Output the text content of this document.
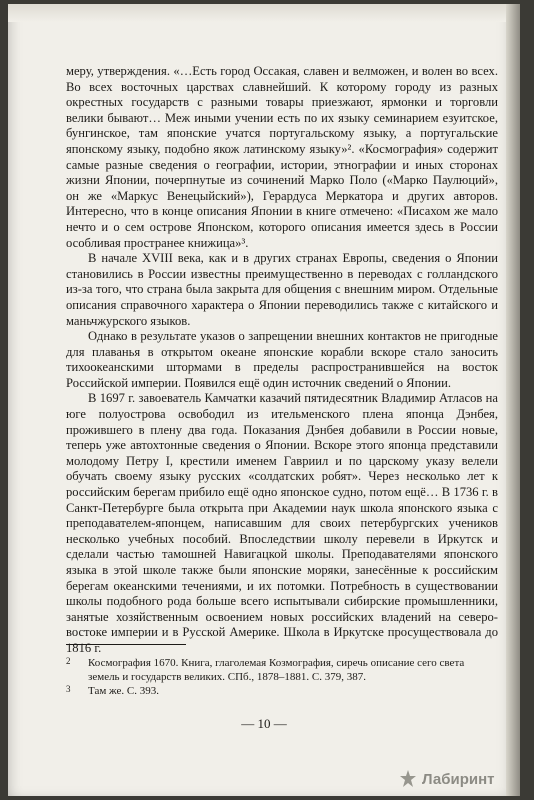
меру, утверждения. «…Есть город Оссакая, славен и велможен, и волен во всех. Во всех восточных царствах славнейший. К которому городу из разных окрестных государств с разными товары приезжают, ярмонки и торговли велики бывают… Меж иными учении есть по их языку семинарием езуитское, бунгинское, там японские учатся португальскому языку, а португальские японскому языку, подобно якож латинскому языку»². «Космография» содержит самые разные сведения о географии, истории, этнографии и иных сторонах жизни Японии, почерпнутые из сочинений Марко Поло («Марко Паулюций», он же «Маркус Венецыйский»), Герардуса Меркатора и других авторов. Интересно, что в конце описания Японии в книге отмечено: «Писахом же мало нечто и о сем острове Японском, которого описания имеется здесь в России особливая пространее книжица»³.

В начале XVIII века, как и в других странах Европы, сведения о Японии становились в России известны преимущественно в переводах с голландского из-за того, что страна была закрыта для общения с внешним миром. Отдельные описания справочного характера о Японии переводились также с китайского и маньчжурского языков.

Однако в результате указов о запрещении внешних контактов не пригодные для плаванья в открытом океане японские корабли вскоре стало заносить тихоокеанскими штормами в пределы распространившейся на восток Российской империи. Появился ещё один источник сведений о Японии.

В 1697 г. завоеватель Камчатки казачий пятидесятник Владимир Атласов на юге полуострова освободил из ительменского плена японца Дэнбея, прожившего в плену два года. Показания Дэнбея добавили в России новые, теперь уже автохтонные сведения о Японии. Вскоре этого японца представили молодому Петру I, крестили именем Гавриил и по царскому указу велели обучать своему языку русских «солдатских робят». Через несколько лет к российским берегам прибило ещё одно японское судно, потом ещё… В 1736 г. в Санкт-Петербурге была открыта при Академии наук школа японского языка с преподавателем-японцем, написавшим для своих петербургских учеников несколько учебных пособий. Впоследствии школу перевели в Иркутск и сделали частью тамошней Навигацкой школы. Преподавателями японского языка в этой школе также были японские моряки, занесённые к российским берегам океанскими течениями, и их потомки. Потребность в существовании школы подобного рода больше всего испытывали сибирские промышленники, занятые хозяйственным освоением новых российских владений на северо-востоке империи и в Русской Америке. Школа в Иркутске просуществовала до 1816 г.

2 Космография 1670. Книга, глаголемая Козмография, сиречь описание сего света земель и государств великих. СПб., 1878–1881. С. 379, 387.
3 Там же. С. 393.
— 10 —
Лабиринт
